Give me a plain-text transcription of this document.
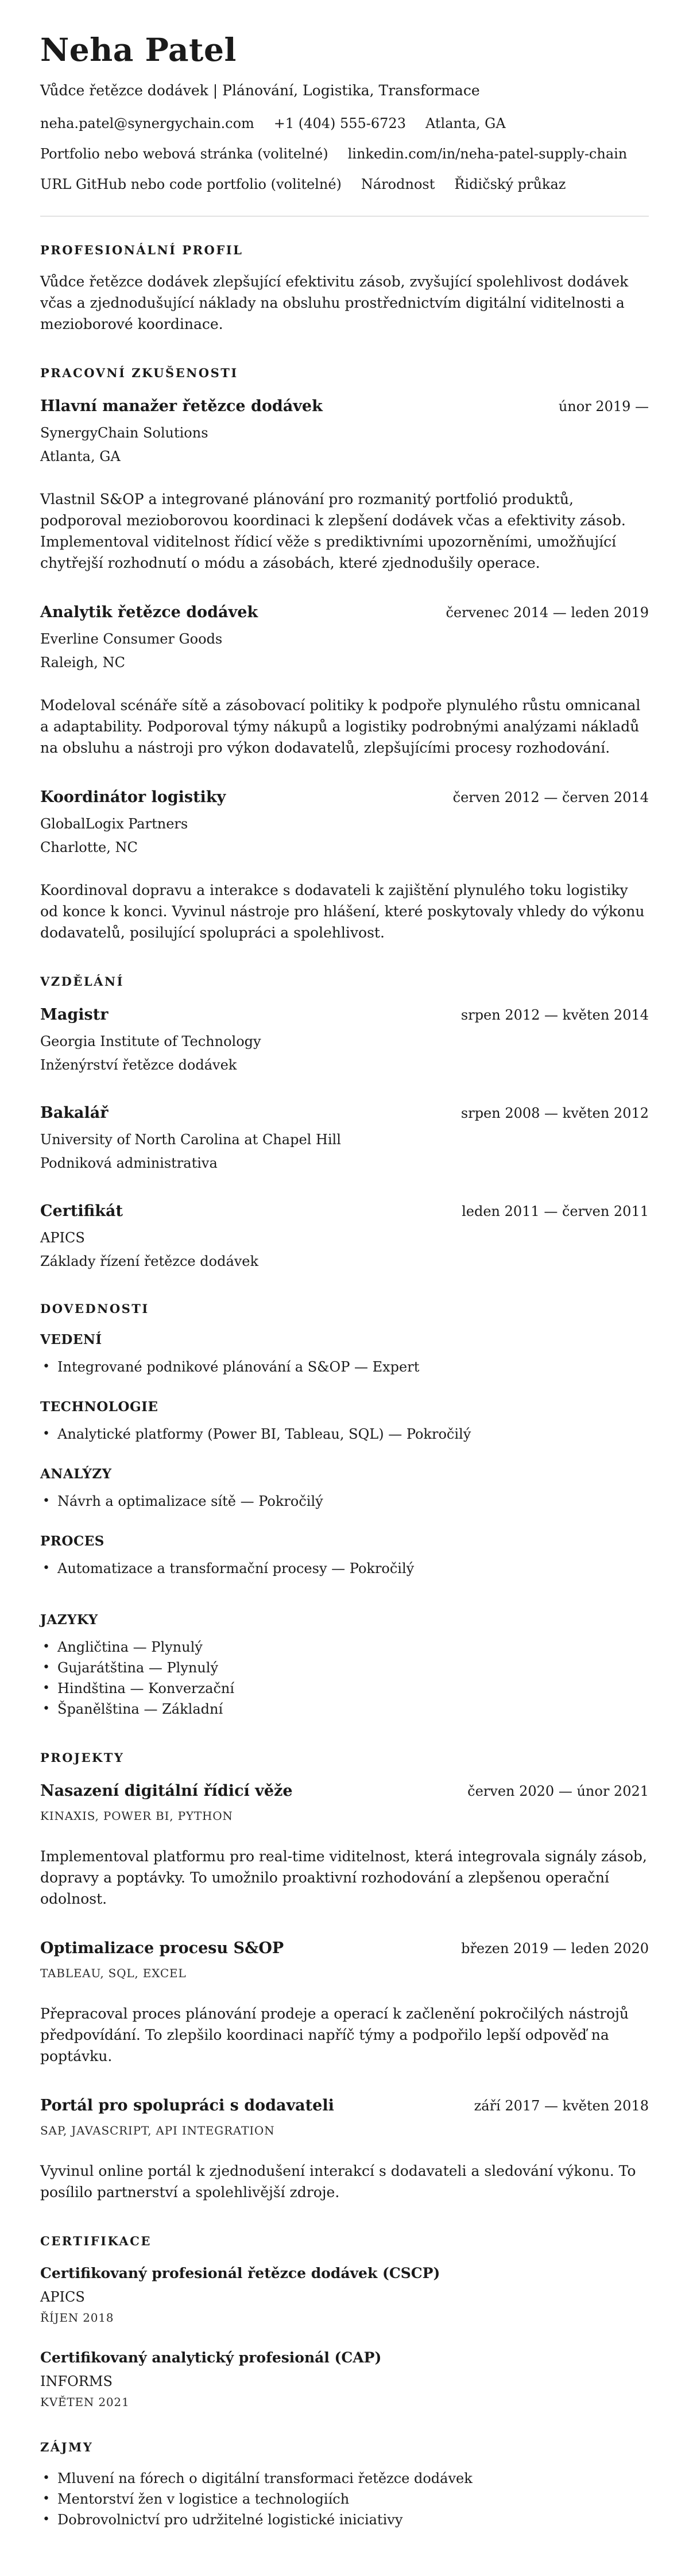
Neha Patel
Vůdce řetězce dodávek | Plánování, Logistika, Transformace
neha.patel@synergychain.com +1 (404) 555-6723 Atlanta, GA
Portfolio nebo webová stránka (volitelné) linkedin.com/in/neha-patel-supply-chain
URL GitHub nebo code portfolio (volitelné) Národnost Řidičský průkaz
PROFESIONÁLNÍ PROFIL

Vůdce řetězce dodávek zlepšující efektivitu zásob, zvyšující spolehlivost dodávek včas a zjednodušující náklady na obsluhu prostřednictvím digitální viditelnosti a mezioborové koordinace.

PRACOVNÍ ZKUŠENOSTI
Hlavní manažer řetězce dodávek	únor 2019 —
SynergyChain Solutions
Atlanta, GA

Vlastnil S&OP a integrované plánování pro rozmanitý portfolió produktů, podporoval mezioborovou koordinaci k zlepšení dodávek včas a efektivity zásob. Implementoval viditelnost řídicí věže s prediktivními upozorněními, umožňující chytřejší rozhodnutí o módu a zásobách, které zjednodušily operace.

Analytik řetězce dodávek	červenec 2014 — leden 2019
Everline Consumer Goods
Raleigh, NC

Modeloval scénáře sítě a zásobovací politiky k podpoře plynulého růstu omnicanal a adaptability. Podporoval týmy nákupů a logistiky podrobnými analýzami nákladů na obsluhu a nástroji pro výkon dodavatelů, zlepšujícími procesy rozhodování.

Koordinátor logistiky	červen 2012 — červen 2014
GlobalLogix Partners
Charlotte, NC

Koordinoval dopravu a interakce s dodavateli k zajištění plynulého toku logistiky od konce k konci. Vyvinul nástroje pro hlášení, které poskytovaly vhledy do výkonu dodavatelů, posilující spolupráci a spolehlivost.

VZDĚLÁNÍ
Magistr	srpen 2012 — květen 2014
Georgia Institute of Technology
Inženýrství řetězce dodávek
Bakalář	srpen 2008 — květen 2012
University of North Carolina at Chapel Hill
Podniková administrativa
Certifikát	leden 2011 — červen 2011
APICS
Základy řízení řetězce dodávek
DOVEDNOSTI
VEDENÍ
• Integrované podnikové plánování a S&OP — Expert
TECHNOLOGIE
• Analytické platformy (Power BI, Tableau, SQL) — Pokročilý
ANALÝZY
• Návrh a optimalizace sítě — Pokročilý
PROCES
• Automatizace a transformační procesy — Pokročilý
JAZYKY
• Angličtina — Plynulý
• Gujarátština — Plynulý
• Hindština — Konverzační
• Španělština — Základní
PROJEKTY
Nasazení digitální řídicí věže	červen 2020 — únor 2021
KINAXIS, POWER BI, PYTHON

Implementoval platformu pro real-time viditelnost, která integrovala signály zásob, dopravy a poptávky. To umožnilo proaktivní rozhodování a zlepšenou operační odolnost.

Optimalizace procesu S&OP	březen 2019 — leden 2020
TABLEAU, SQL, EXCEL

Přepracoval proces plánování prodeje a operací k začlenění pokročilých nástrojů předpovídání. To zlepšilo koordinaci napříč týmy a podpořilo lepší odpověď na poptávku.

Portál pro spolupráci s dodavateli	září 2017 — květen 2018
SAP, JAVASCRIPT, API INTEGRATION

Vyvinul online portál k zjednodušení interakcí s dodavateli a sledování výkonu. To posílilo partnerství a spolehlivější zdroje.

CERTIFIKACE
Certifikovaný profesionál řetězce dodávek (CSCP)
APICS
ŘÍJEN 2018
Certifikovaný analytický profesionál (CAP)
INFORMS
KVĚTEN 2021
ZÁJMY
• Mluvení na fórech o digitální transformaci řetězce dodávek
• Mentorství žen v logistice a technologiích
• Dobrovolnictví pro udržitelné logistické iniciativy
